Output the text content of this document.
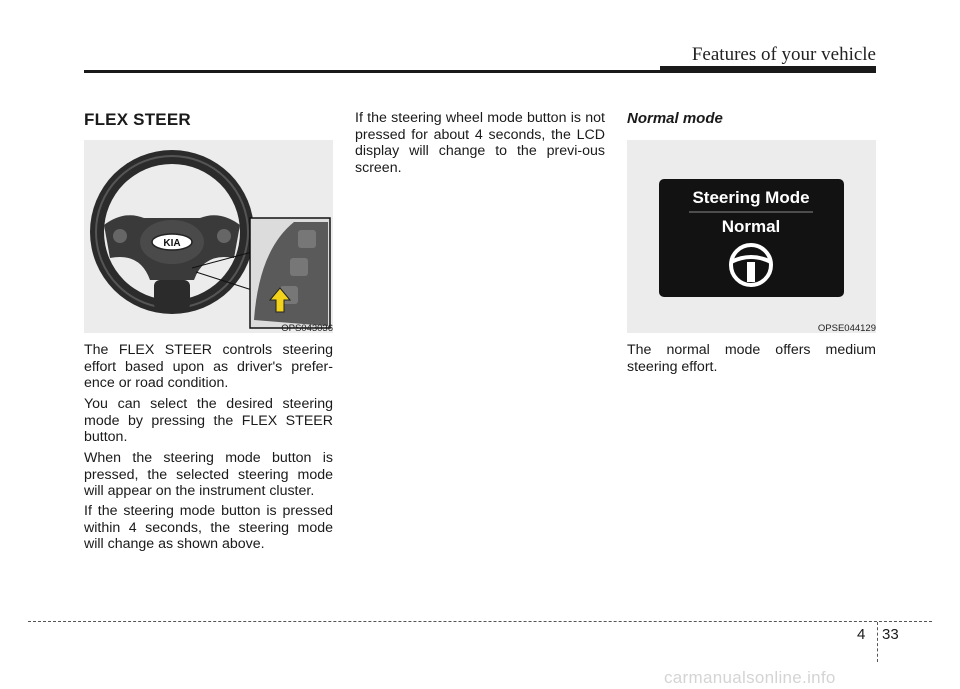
Features of your vehicle
FLEX STEER
KIA
OPS043036
The FLEX STEER controls steering effort based upon as driver's prefer-ence or road condition.
You can select the desired steering mode by pressing the FLEX STEER button.
When the steering mode button is pressed, the selected steering mode will appear on the instrument cluster.
If the steering mode button is pressed within 4 seconds, the steering mode will change as shown above.
If the steering wheel mode button is not pressed for about 4 seconds, the LCD display will change to the previ-ous screen.
Normal mode
Steering Mode
Normal
OPSE044129
The normal mode offers medium steering effort.
4 33
carmanualsonline.info
